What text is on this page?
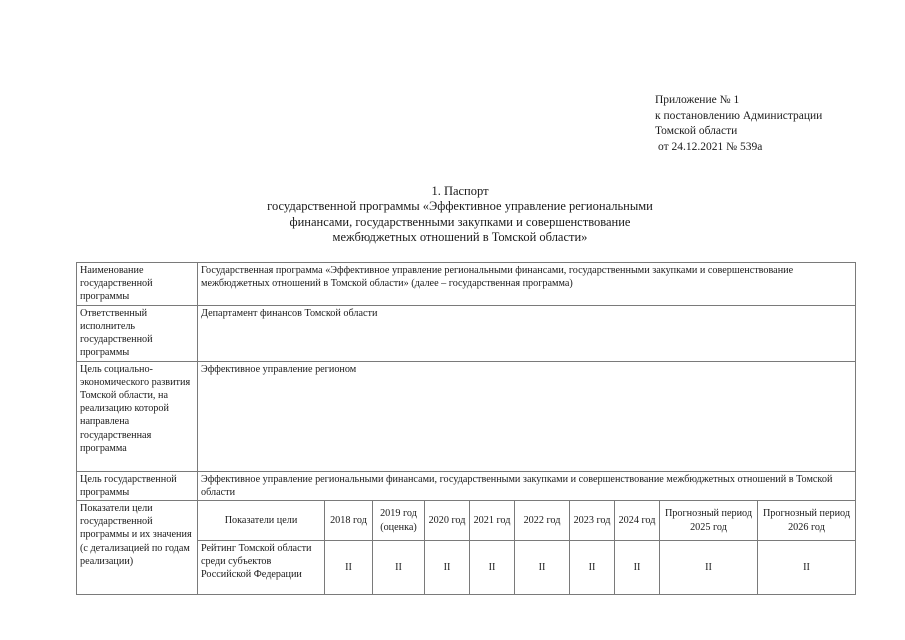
Приложение № 1
к постановлению Администрации
Томской области
от 24.12.2021 № 539а
1. Паспорт
государственной программы «Эффективное управление региональными
финансами, государственными закупками и совершенствование
межбюджетных отношений в Томской области»
Наименование государственной программы	Государственная программа «Эффективное управление региональными финансами, государственными закупками и совершенствование межбюджетных отношений в Томской области» (далее – государственная программа)									
Ответственный исполнитель государственной программы	Департамент финансов Томской области									
Цель социально-экономического развития Томской области, на реализацию которой направлена государственная программа	Эффективное управление регионом									
Цель государственной программы	Эффективное управление региональными финансами, государственными закупками и совершенствование межбюджетных отношений в Томской области									
Показатели цели государственной программы и их значения (с детализацией по годам реализации)	Показатели цели	2018 год	2019 год (оценка)	2020 год	2021 год	2022 год	2023 год	2024 год	Прогнозный период 2025 год	Прогнозный период 2026 год
	Рейтинг Томской области среди субъектов Российской Федерации	II	II	II	II	II	II	II	II	II
